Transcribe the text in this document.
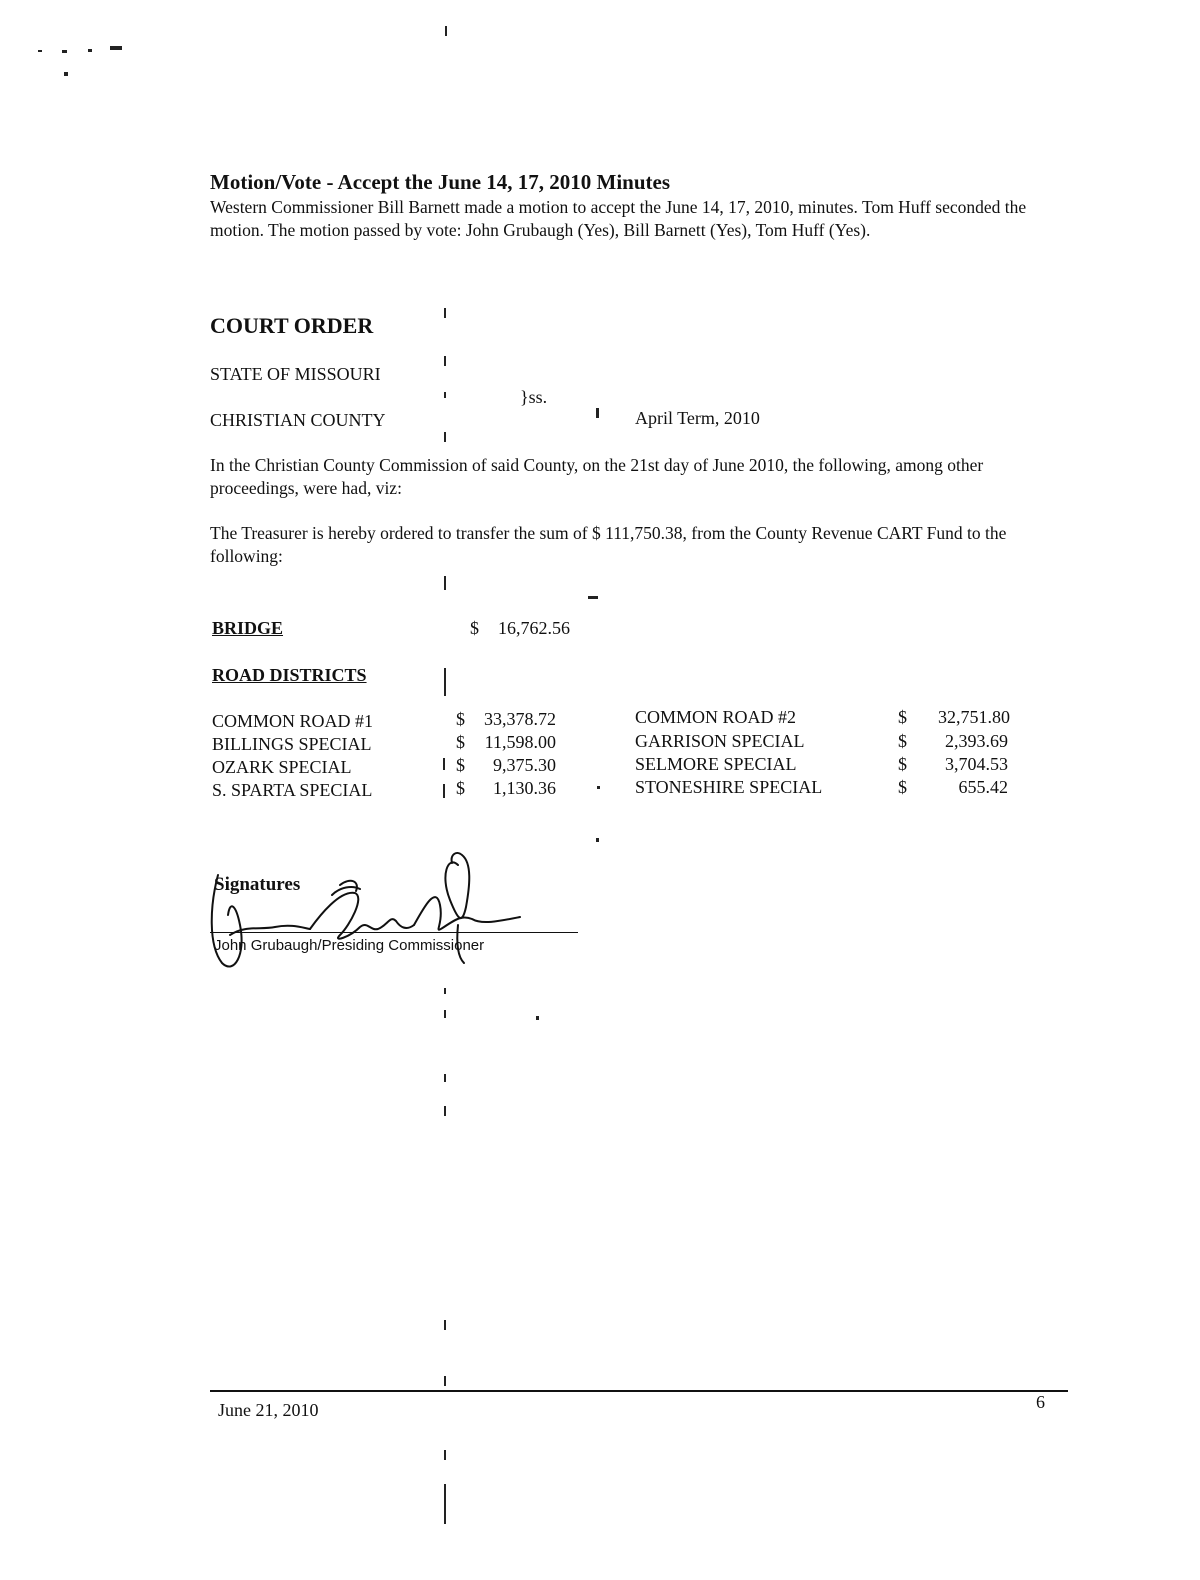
Motion/Vote - Accept the June 14, 17, 2010 Minutes
Western Commissioner Bill Barnett made a motion to accept the June 14, 17, 2010, minutes. Tom Huff seconded the motion. The motion passed by vote: John Grubaugh (Yes), Bill Barnett (Yes), Tom Huff (Yes).
COURT ORDER
STATE OF MISSOURI
}ss.
CHRISTIAN COUNTY	April Term, 2010
In the Christian County Commission of said County, on the 21st day of June 2010, the following, among other proceedings, were had, viz:
The Treasurer is hereby ordered to transfer the sum of $ 111,750.38, from the County Revenue CART Fund to the following:
BRIDGE	$	16,762.56
ROAD DISTRICTS
COMMON ROAD #1	$	33,378.72
BILLINGS SPECIAL	$	11,598.00
OZARK SPECIAL	$	9,375.30
S. SPARTA SPECIAL	$	1,130.36
COMMON ROAD #2	$	32,751.80
GARRISON SPECIAL	$	2,393.69
SELMORE SPECIAL	$	3,704.53
STONESHIRE SPECIAL	$	655.42
Signatures
John Grubaugh/Presiding Commissioner
June 21, 2010	6
